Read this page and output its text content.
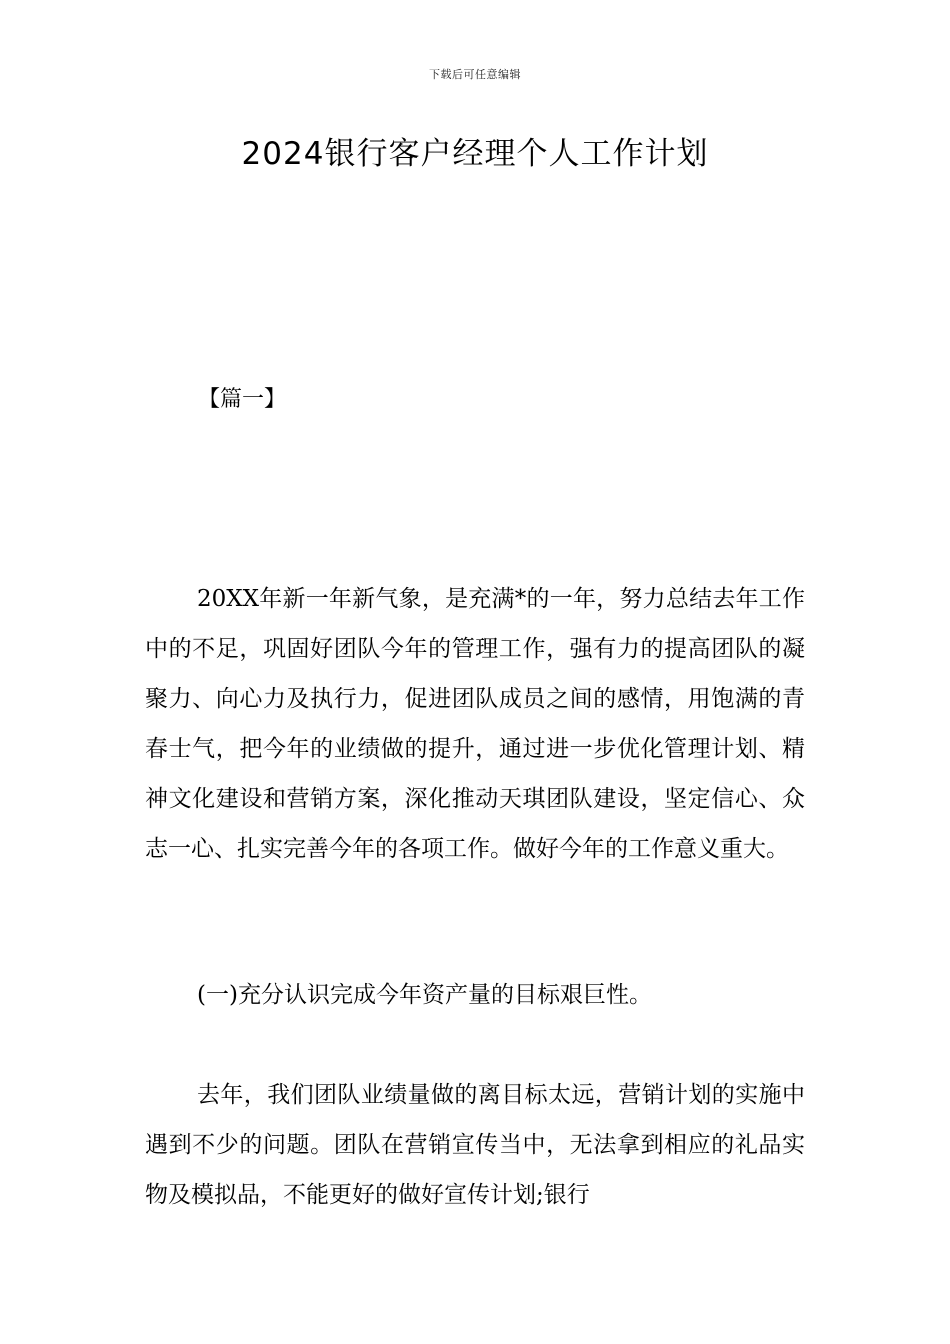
下载后可任意编辑
2024银行客户经理个人工作计划
【篇一】

20XX年新一年新气象，是充满*的一年，努力总结去年工作中的不足，巩固好团队今年的管理工作，强有力的提高团队的凝聚力、向心力及执行力，促进团队成员之间的感情，用饱满的青春士气，把今年的业绩做的提升，通过进一步优化管理计划、精神文化建设和营销方案，深化推动天琪团队建设，坚定信心、众志一心、扎实完善今年的各项工作。做好今年的工作意义重大。

(一)充分认识完成今年资产量的目标艰巨性。

去年，我们团队业绩量做的离目标太远，营销计划的实施中遇到不少的问题。团队在营销宣传当中，无法拿到相应的礼品实物及模拟品，不能更好的做好宣传计划;银行
